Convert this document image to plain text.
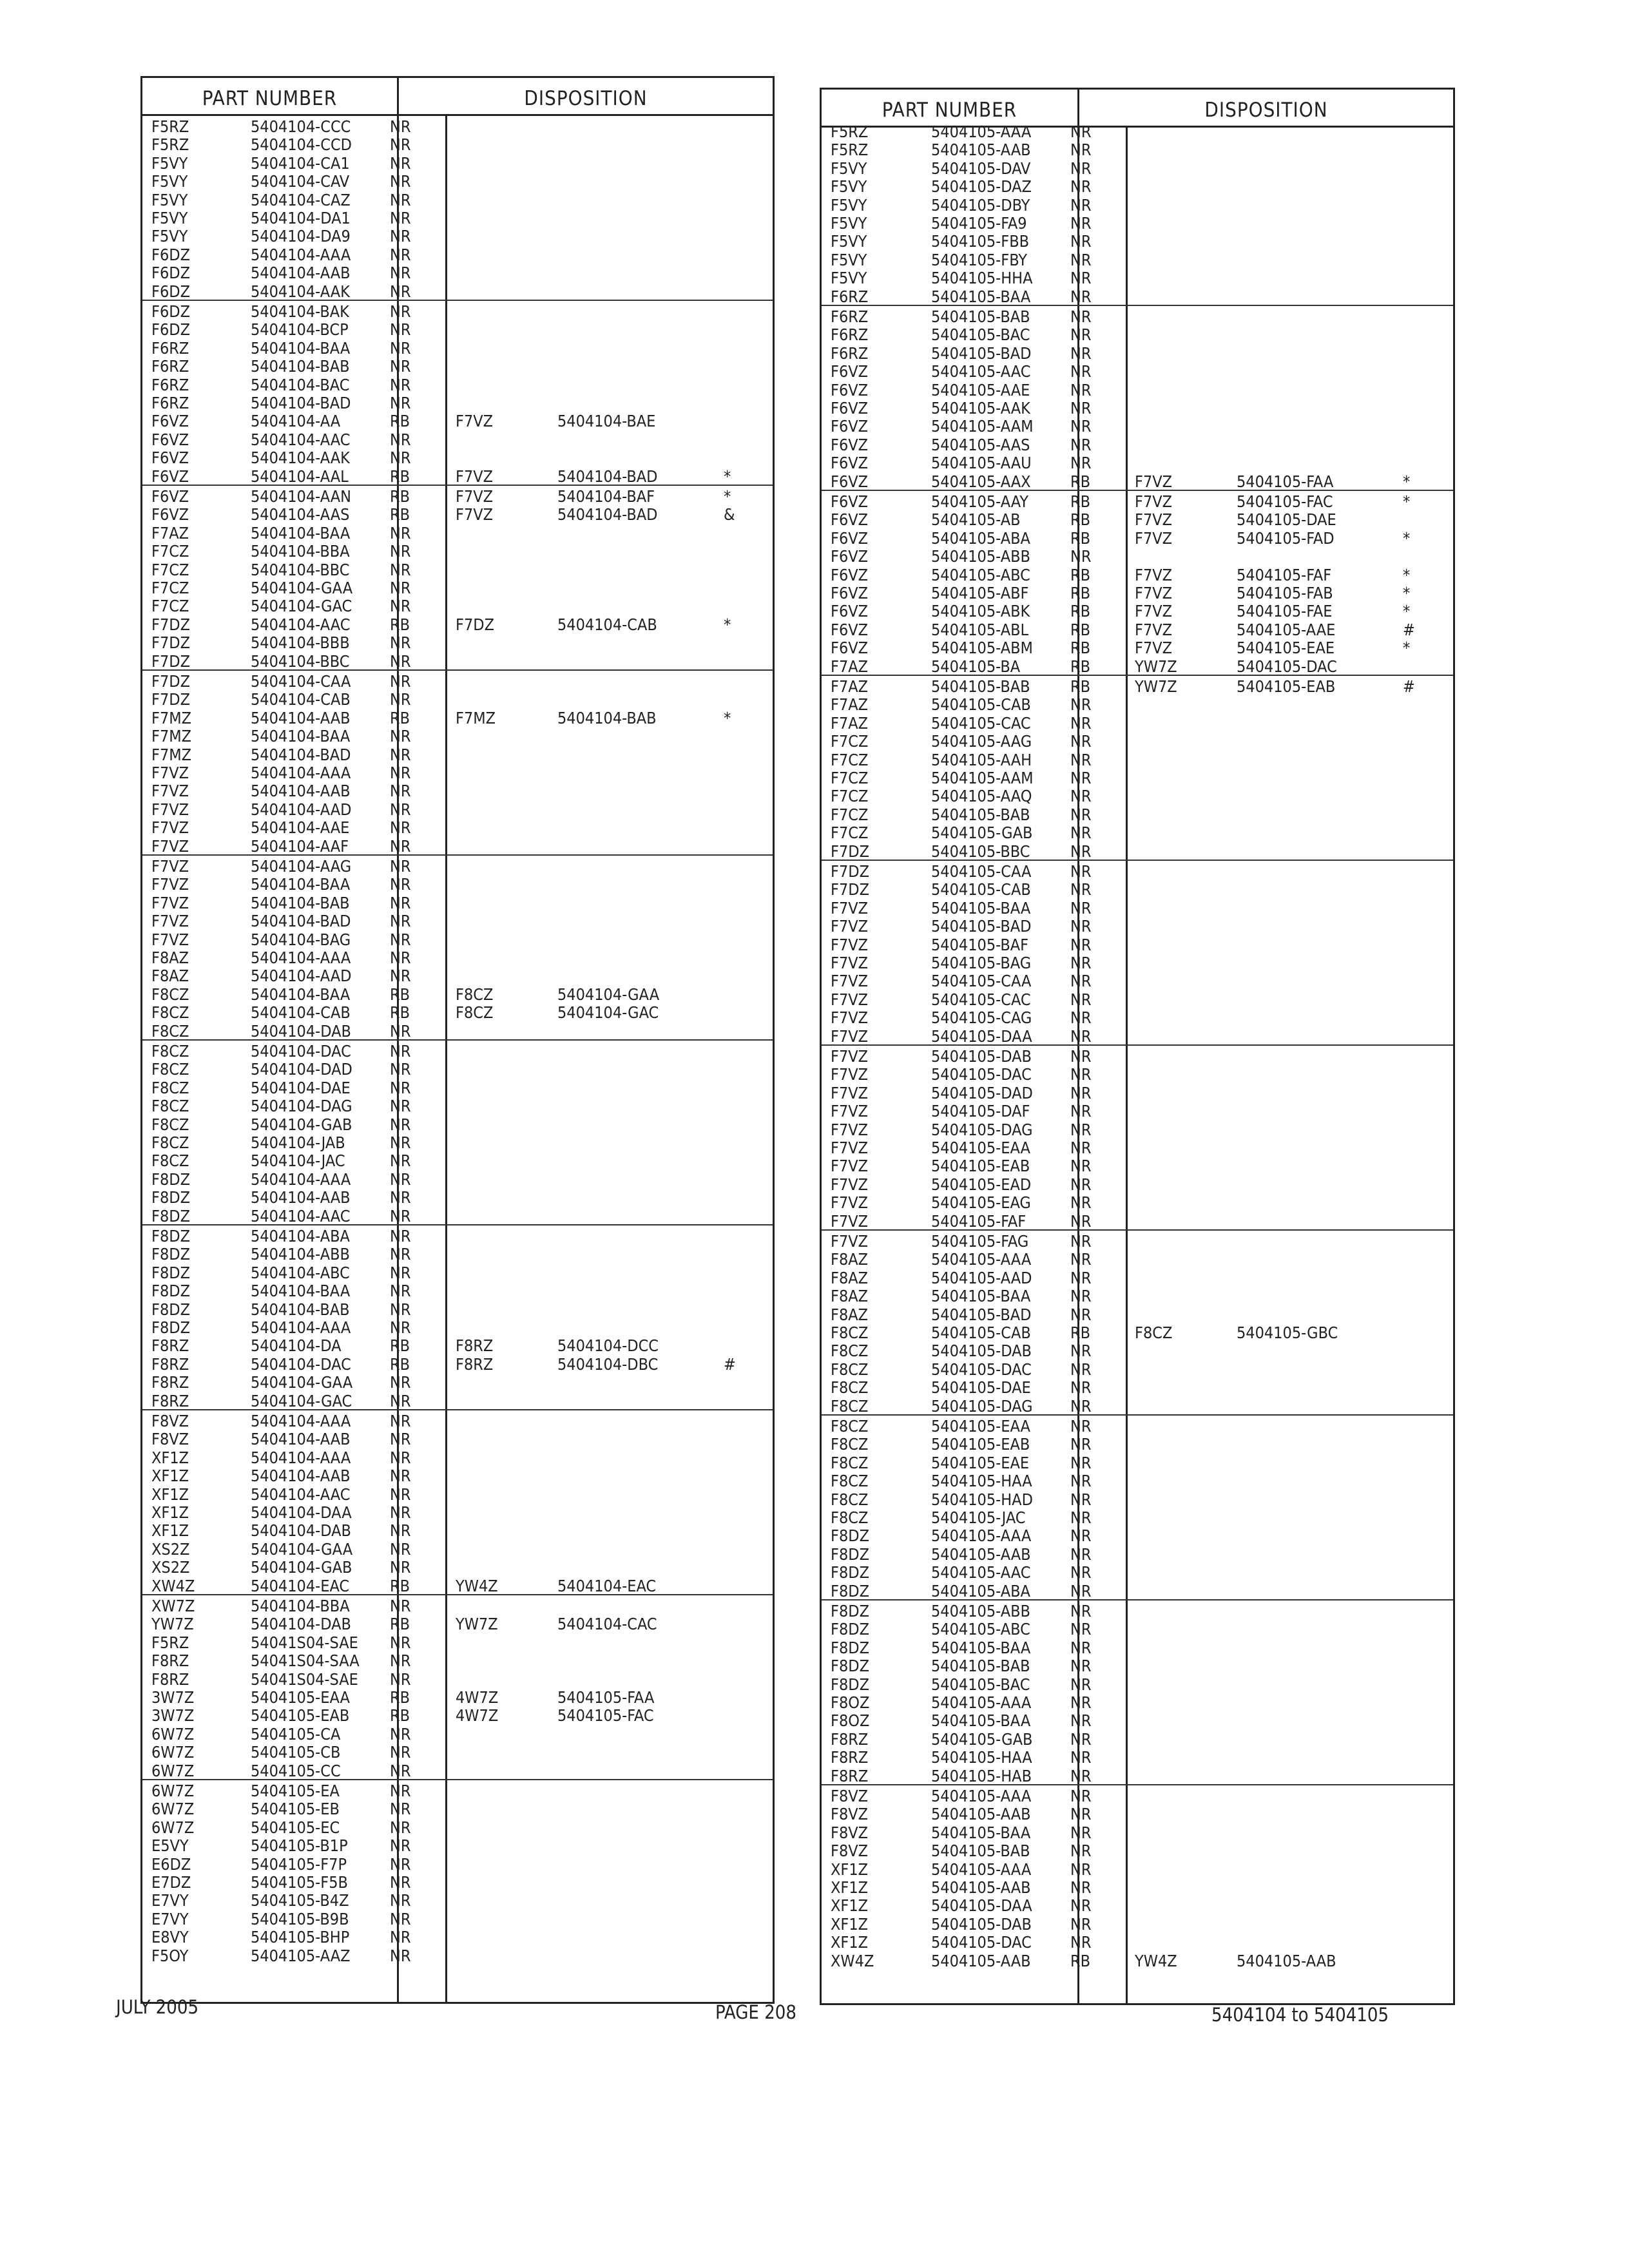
PART NUMBER	DISPOSITION
F5RZ	5404104-CCC NR
F5RZ	5404104-CCD NR
F5VY	5404104-CA1 NR
F5VY	5404104-CAV	NR
F5VY	5404104-CAZ NR
F5VY	5404104-DA1 NR
F5VY	5404104-DA9 NR
F6DZ	5404104-AAA NR
F6DZ	5404104-AAB NR
F6DZ	5404104-AAK NR
F6DZ	5404104-BAK	NR
F6DZ	5404104-BCP	NR
F6RZ	5404104-BAA NR
F6RZ	5404104-BAB NR
F6RZ	5404104-BAC	NR
F6RZ	5404104-BAD NR
F6VZ	5404104-AA	RB	F7VZ	5404104-BAE
F6VZ	5404104-AAC NR
F6VZ	5404104-AAK NR
F6VZ	5404104-AAL	RB	F7VZ	5404104-BAD	*
F6VZ	5404104-AAN RB	F7VZ	5404104-BAF	*
F6VZ	5404104-AAS	RB	F7VZ	5404104-BAD	&
F7AZ	5404104-BAA NR
F7CZ	5404104-BBA NR
F7CZ	5404104-BBC NR
F7CZ	5404104-GAA NR
F7CZ	5404104-GAC NR
F7DZ	5404104-AAC RB	F7DZ	5404104-CAB	*
F7DZ	5404104-BBB NR
F7DZ	5404104-BBC NR
F7DZ	5404104-CAA NR
F7DZ	5404104-CAB NR
F7MZ	5404104-AAB RB	F7MZ	5404104-BAB	*
F7MZ	5404104-BAA NR
F7MZ	5404104-BAD NR
F7VZ	5404104-AAA NR
F7VZ	5404104-AAB NR
F7VZ	5404104-AAD NR
F7VZ	5404104-AAE	NR
F7VZ	5404104-AAF	NR
F7VZ	5404104-AAG NR
F7VZ	5404104-BAA NR
F7VZ	5404104-BAB NR
F7VZ	5404104-BAD NR
F7VZ	5404104-BAG NR
F8AZ	5404104-AAA NR
F8AZ	5404104-AAD NR
F8CZ	5404104-BAA RB	F8CZ	5404104-GAA
F8CZ	5404104-CAB RB	F8CZ	5404104-GAC
F8CZ	5404104-DAB NR
F8CZ	5404104-DAC NR
F8CZ	5404104-DAD NR
F8CZ	5404104-DAE NR
F8CZ	5404104-DAG NR
F8CZ	5404104-GAB NR
F8CZ	5404104-JAB	NR
F8CZ	5404104-JAC	NR
F8DZ	5404104-AAA NR
F8DZ	5404104-AAB NR
F8DZ	5404104-AAC NR
F8DZ	5404104-ABA NR
F8DZ	5404104-ABB NR
F8DZ	5404104-ABC NR
F8DZ	5404104-BAA NR
F8DZ	5404104-BAB NR
F8DZ	5404104-AAA NR
F8RZ	5404104-DA	RB	F8RZ	5404104-DCC
F8RZ	5404104-DAC RB	F8RZ	5404104-DBC	#
F8RZ	5404104-GAA NR
F8RZ	5404104-GAC NR
F8VZ	5404104-AAA NR
F8VZ	5404104-AAB NR
XF1Z	5404104-AAA NR
XF1Z	5404104-AAB NR
XF1Z	5404104-AAC NR
XF1Z	5404104-DAA NR
XF1Z	5404104-DAB NR
XS2Z	5404104-GAA NR
XS2Z	5404104-GAB NR
XW4Z	5404104-EAC	RB	YW4Z	5404104-EAC
XW7Z	5404104-BBA NR
YW7Z	5404104-DAB RB	YW7Z	5404104-CAC
F5RZ	54041S04-SAE NR
F8RZ	54041S04-SAA NR
F8RZ	54041S04-SAE NR
3W7Z	5404105-EAA RB	4W7Z	5404105-FAA
3W7Z	5404105-EAB	RB	4W7Z	5404105-FAC
6W7Z	5404105-CA	NR
6W7Z	5404105-CB	NR
6W7Z	5404105-CC	NR
6W7Z	5404105-EA	NR
6W7Z	5404105-EB	NR
6W7Z	5404105-EC	NR
E5VY	5404105-B1P	NR
E6DZ	5404105-F7P	NR
E7DZ	5404105-F5B	NR
E7VY	5404105-B4Z	NR
E7VY	5404105-B9B	NR
E8VY	5404105-BHP	NR
F5OY	5404105-AAZ NR
PART NUMBER	DISPOSITION
F5RZ	5404105-AAA NR
F5RZ	5404105-AAB NR
F5VY	5404105-DAV NR
F5VY	5404105-DAZ NR
F5VY	5404105-DBY	NR
F5VY	5404105-FA9	NR
F5VY	5404105-FBB	NR
F5VY	5404105-FBY	NR
F5VY	5404105-HHA NR
F6RZ	5404105-BAA NR
F6RZ	5404105-BAB NR
F6RZ	5404105-BAC	NR
F6RZ	5404105-BAD NR
F6VZ	5404105-AAC NR
F6VZ	5404105-AAE	NR
F6VZ	5404105-AAK NR
F6VZ	5404105-AAM NR
F6VZ	5404105-AAS	NR
F6VZ	5404105-AAU NR
F6VZ	5404105-AAX RB	F7VZ	5404105-FAA	*
F6VZ	5404105-AAY	RB	F7VZ	5404105-FAC	*
F6VZ	5404105-AB	RB	F7VZ	5404105-DAE
F6VZ	5404105-ABA RB	F7VZ	5404105-FAD	*
F6VZ	5404105-ABB NR
F6VZ	5404105-ABC RB	F7VZ	5404105-FAF	*
F6VZ	5404105-ABF	RB	F7VZ	5404105-FAB	*
F6VZ	5404105-ABK	RB	F7VZ	5404105-FAE	*
F6VZ	5404105-ABL	RB	F7VZ	5404105-AAE	#
F6VZ	5404105-ABM RB	F7VZ	5404105-EAE	*
F7AZ	5404105-BA	RB	YW7Z	5404105-DAC
F7AZ	5404105-BAB RB	YW7Z	5404105-EAB	#
F7AZ	5404105-CAB NR
F7AZ	5404105-CAC NR
F7CZ	5404105-AAG NR
F7CZ	5404105-AAH NR
F7CZ	5404105-AAM NR
F7CZ	5404105-AAQ NR
F7CZ	5404105-BAB NR
F7CZ	5404105-GAB NR
F7DZ	5404105-BBC NR
F7DZ	5404105-CAA NR
F7DZ	5404105-CAB NR
F7VZ	5404105-BAA NR
F7VZ	5404105-BAD NR
F7VZ	5404105-BAF	NR
F7VZ	5404105-BAG NR
F7VZ	5404105-CAA NR
F7VZ	5404105-CAC NR
F7VZ	5404105-CAG NR
F7VZ	5404105-DAA NR
F7VZ	5404105-DAB NR
F7VZ	5404105-DAC NR
F7VZ	5404105-DAD NR
F7VZ	5404105-DAF	NR
F7VZ	5404105-DAG NR
F7VZ	5404105-EAA NR
F7VZ	5404105-EAB	NR
F7VZ	5404105-EAD NR
F7VZ	5404105-EAG NR
F7VZ	5404105-FAF	NR
F7VZ	5404105-FAG	NR
F8AZ	5404105-AAA NR
F8AZ	5404105-AAD NR
F8AZ	5404105-BAA NR
F8AZ	5404105-BAD NR
F8CZ	5404105-CAB RB	F8CZ	5404105-GBC
F8CZ	5404105-DAB NR
F8CZ	5404105-DAC NR
F8CZ	5404105-DAE NR
F8CZ	5404105-DAG NR
F8CZ	5404105-EAA NR
F8CZ	5404105-EAB	NR
F8CZ	5404105-EAE	NR
F8CZ	5404105-HAA NR
F8CZ	5404105-HAD NR
F8CZ	5404105-JAC	NR
F8DZ	5404105-AAA NR
F8DZ	5404105-AAB NR
F8DZ	5404105-AAC NR
F8DZ	5404105-ABA NR
F8DZ	5404105-ABB NR
F8DZ	5404105-ABC NR
F8DZ	5404105-BAA NR
F8DZ	5404105-BAB NR
F8DZ	5404105-BAC	NR
F8OZ	5404105-AAA NR
F8OZ	5404105-BAA NR
F8RZ	5404105-GAB NR
F8RZ	5404105-HAA NR
F8RZ	5404105-HAB NR
F8VZ	5404105-AAA NR
F8VZ	5404105-AAB NR
F8VZ	5404105-BAA NR
F8VZ	5404105-BAB NR
XF1Z	5404105-AAA NR
XF1Z	5404105-AAB NR
XF1Z	5404105-DAA NR
XF1Z	5404105-DAB NR
XF1Z	5404105-DAC NR
XW4Z	5404105-AAB RB	YW4Z	5404105-AAB
JULY 2005	PAGE 208	5404104 to 5404105
